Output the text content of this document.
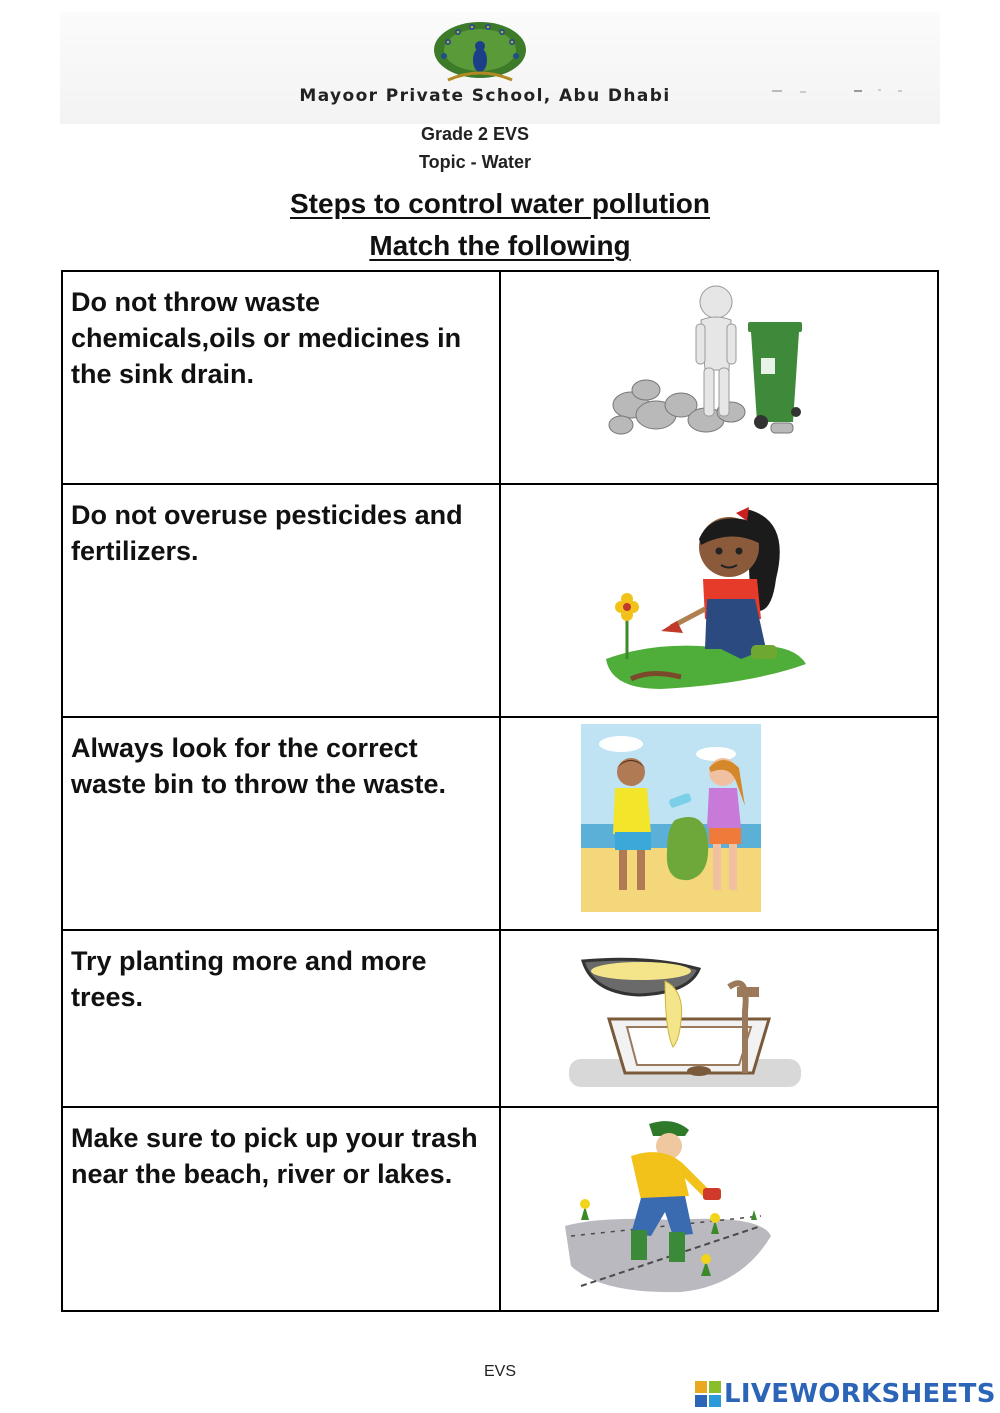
Mayoor Private School, Abu Dhabi
Grade 2 EVS
Topic - Water
Steps to control water pollution
Match the following
Do not throw waste chemicals,oils or medicines in the sink drain.

Do not overuse pesticides and fertilizers.

Always look for the correct waste bin to throw the waste.

Try planting more and more trees.

Make sure to pick up your trash near the beach, river or lakes.

EVS
LIVEWORKSHEETS
